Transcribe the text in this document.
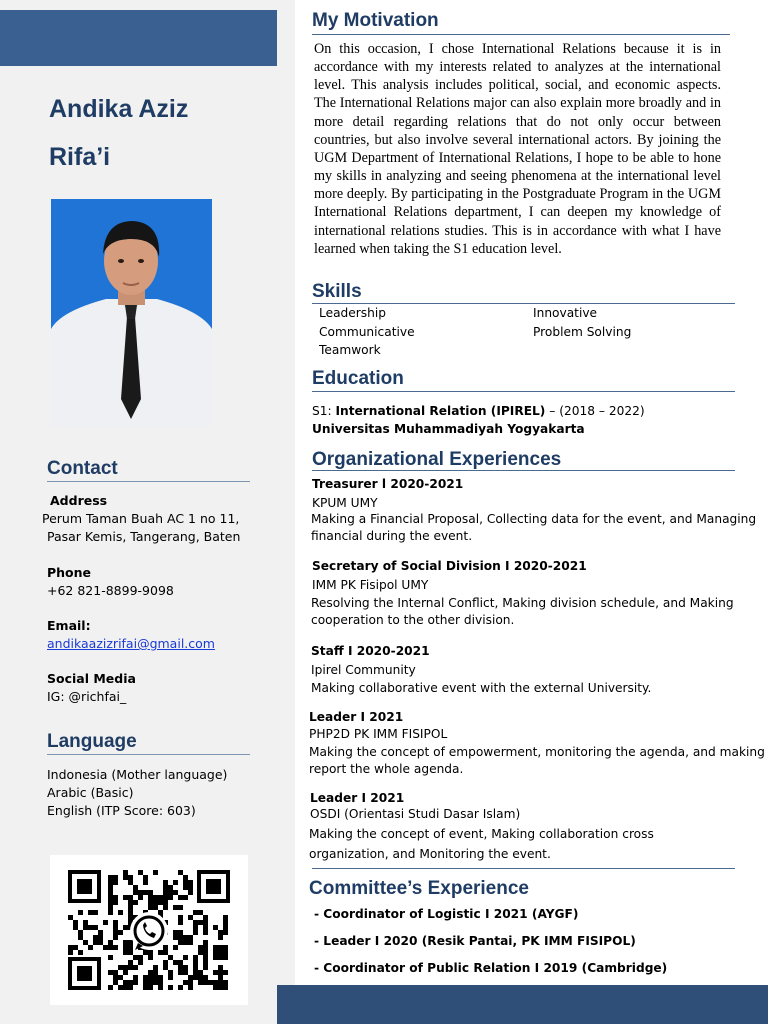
Andika Aziz
Rifa’i
Contact
Address
Perum Taman Buah AC 1 no 11,
Pasar Kemis, Tangerang, Baten
Phone
+62 821-8899-9098
Email:
andikaazizrifai@gmail.com
Social Media
IG: @richfai_
Language
Indonesia (Mother language)
Arabic (Basic)
English (ITP Score: 603)
My Motivation

On this occasion, I chose International Relations because it is in accordance with my interests related to analyzes at the international level. This analysis includes political, social, and economic aspects. The International Relations major can also explain more broadly and in more detail regarding relations that do not only occur between countries, but also involve several international actors. By joining the UGM Department of International Relations, I hope to be able to hone my skills in analyzing and seeing phenomena at the international level more deeply. By participating in the Postgraduate Program in the UGM International Relations department, I can deepen my knowledge of international relations studies. This is in accordance with what I have learned when taking the S1 education level.

Skills
Leadership
Communicative
Teamwork
Innovative
Problem Solving
Education
S1: International Relation (IPIREL) – (2018 – 2022)
Universitas Muhammadiyah Yogyakarta
Organizational Experiences
Treasurer l 2020-2021
KPUM UMY
Making a Financial Proposal, Collecting data for the event, and Managing
financial during the event.
Secretary of Social Division I 2020-2021
IMM PK Fisipol UMY
Resolving the Internal Conflict, Making division schedule, and Making
cooperation to the other division.
Staff I 2020-2021
Ipirel Community
Making collaborative event with the external University.
Leader I 2021
PHP2D PK IMM FISIPOL
Making the concept of empowerment, monitoring the agenda, and making
report the whole agenda.
Leader I 2021
OSDI (Orientasi Studi Dasar Islam)
Making the concept of event, Making collaboration cross
organization, and Monitoring the event.
Committee’s Experience
- Coordinator of Logistic I 2021 (AYGF)
- Leader I 2020 (Resik Pantai, PK IMM FISIPOL)
- Coordinator of Public Relation I 2019 (Cambridge)
